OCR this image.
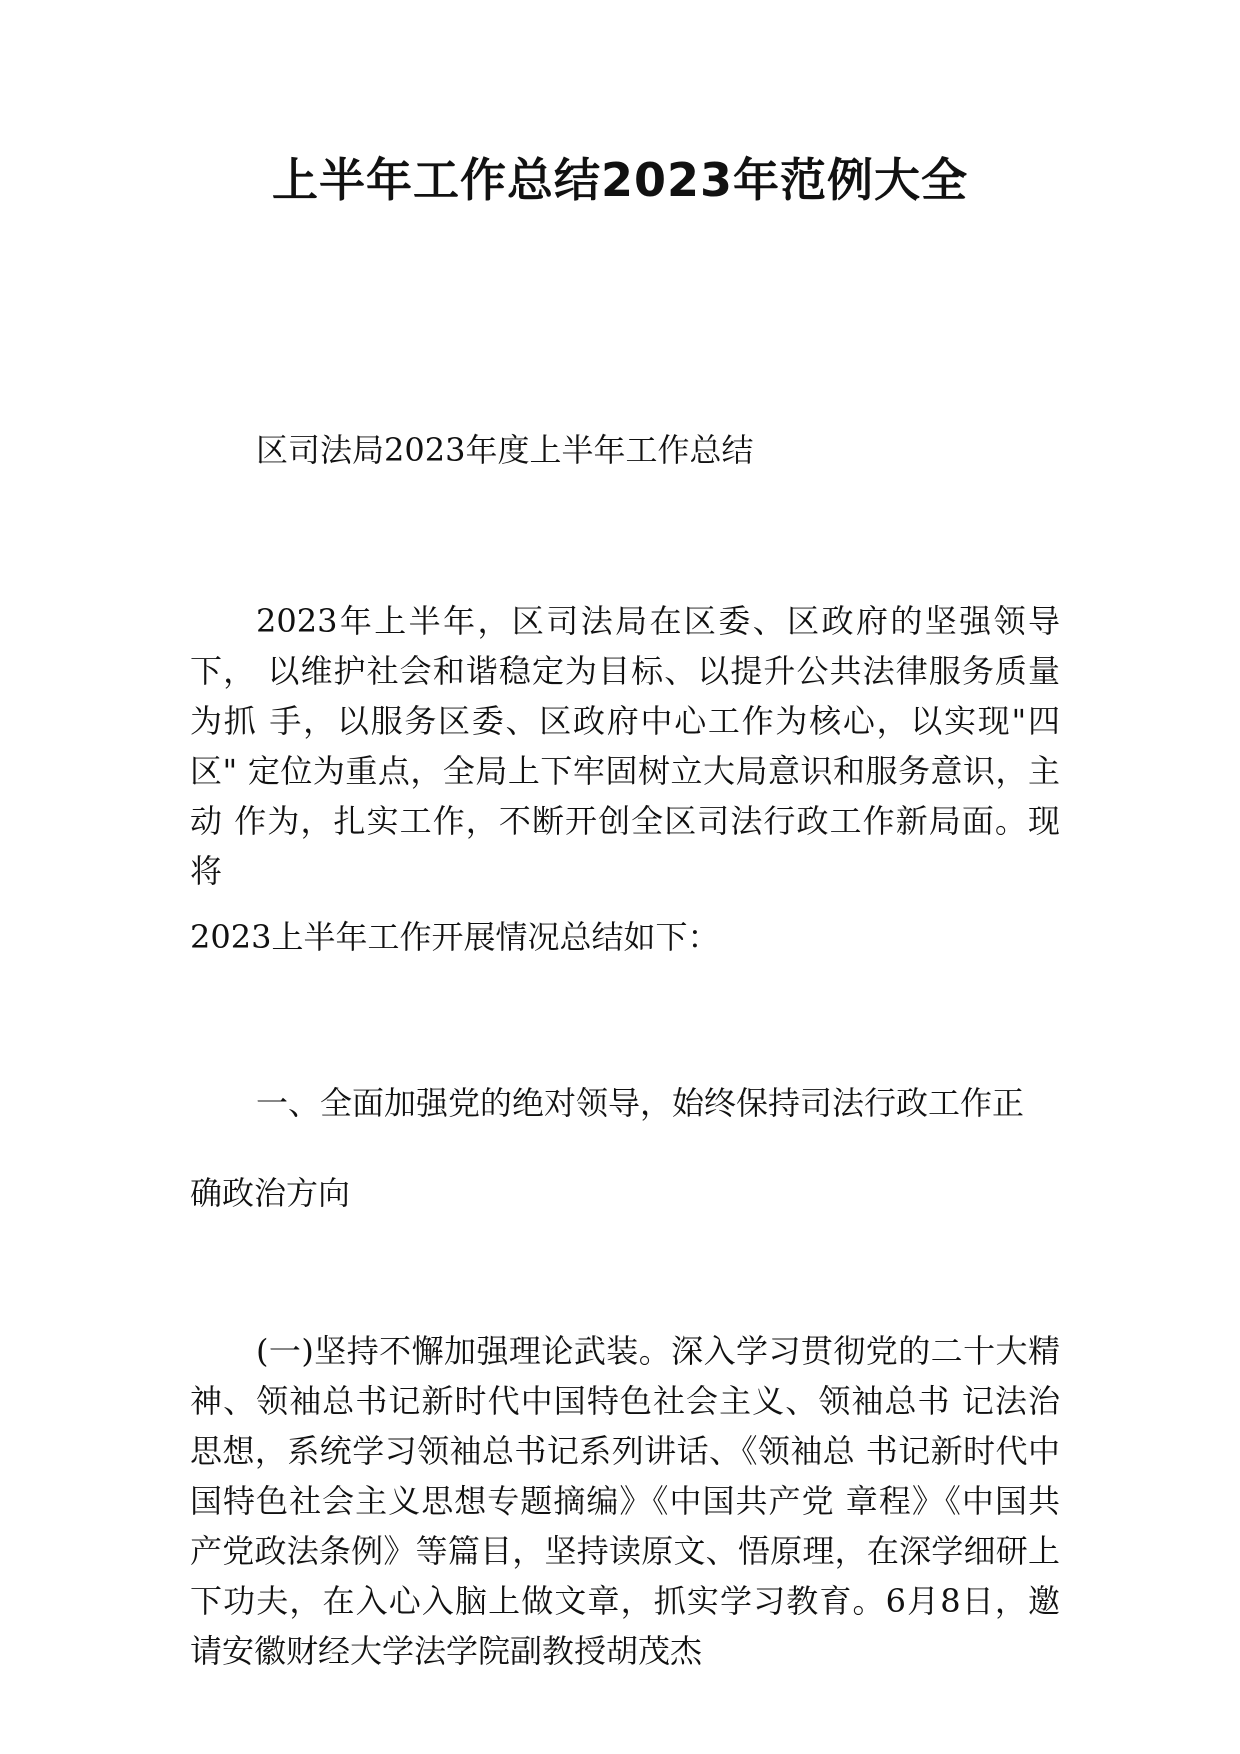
上半年工作总结2023年范例大全
区司法局2023年度上半年工作总结

2023年上半年，区司法局在区委、区政府的坚强领导下， 以维护社会和谐稳定为目标、以提升公共法律服务质量为抓 手，以服务区委、区政府中心工作为核心，以实现"四区" 定位为重点，全局上下牢固树立大局意识和服务意识，主动 作为，扎实工作，不断开创全区司法行政工作新局面。现将

2023上半年工作开展情况总结如下：

一、全面加强党的绝对领导，始终保持司法行政工作正

确政治方向

(一)坚持不懈加强理论武装。深入学习贯彻党的二十大精神、领袖总书记新时代中国特色社会主义、领袖总书 记法治思想，系统学习领袖总书记系列讲话、《领袖总 书记新时代中国特色社会主义思想专题摘编》《中国共产党 章程》《中国共产党政法条例》等篇目，坚持读原文、悟原理，在深学细研上下功夫，在入心入脑上做文章，抓实学习教育。6月8日，邀请安徽财经大学法学院副教授胡茂杰
